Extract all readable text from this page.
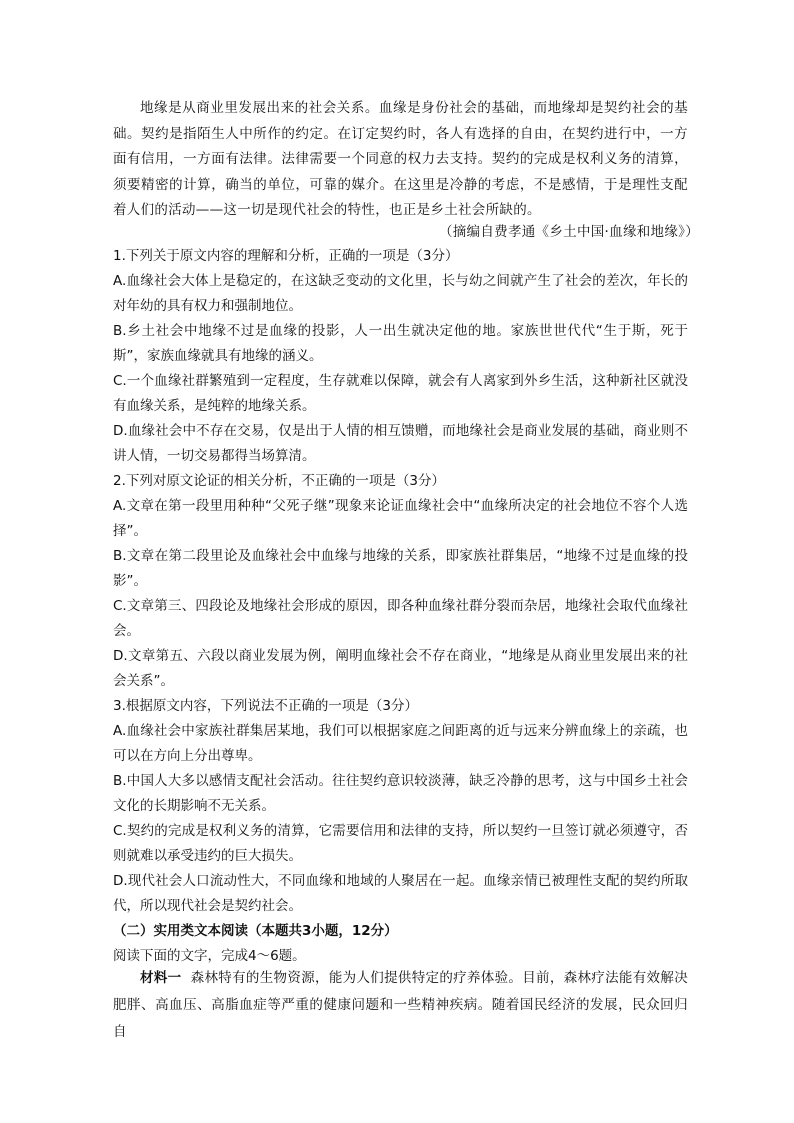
地缘是从商业里发展出来的社会关系。血缘是身份社会的基础，而地缘却是契约社会的基础。契约是指陌生人中所作的约定。在订定契约时，各人有选择的自由，在契约进行中，一方面有信用，一方面有法律。法律需要一个同意的权力去支持。契约的完成是权利义务的清算，须要精密的计算，确当的单位，可靠的媒介。在这里是冷静的考虑，不是感情，于是理性支配着人们的活动——这一切是现代社会的特性，也正是乡土社会所缺的。

（摘编自费孝通《乡土中国·血缘和地缘》）

1.下列关于原文内容的理解和分析，正确的一项是（3分）

A.血缘社会大体上是稳定的，在这缺乏变动的文化里，长与幼之间就产生了社会的差次，年长的对年幼的具有权力和强制地位。

B.乡土社会中地缘不过是血缘的投影，人一出生就决定他的地。家族世世代代“生于斯，死于斯”，家族血缘就具有地缘的涵义。

C.一个血缘社群繁殖到一定程度，生存就难以保障，就会有人离家到外乡生活，这种新社区就没有血缘关系，是纯粹的地缘关系。

D.血缘社会中不存在交易，仅是出于人情的相互馈赠，而地缘社会是商业发展的基础，商业则不讲人情，一切交易都得当场算清。

2.下列对原文论证的相关分析，不正确的一项是（3分）

A.文章在第一段里用种种“父死子继”现象来论证血缘社会中“血缘所决定的社会地位不容个人选择”。

B.文章在第二段里论及血缘社会中血缘与地缘的关系，即家族社群集居，“地缘不过是血缘的投影”。

C.文章第三、四段论及地缘社会形成的原因，即各种血缘社群分裂而杂居，地缘社会取代血缘社会。

D.文章第五、六段以商业发展为例，阐明血缘社会不存在商业，“地缘是从商业里发展出来的社会关系”。

3.根据原文内容，下列说法不正确的一项是（3分）

A.血缘社会中家族社群集居某地，我们可以根据家庭之间距离的近与远来分辨血缘上的亲疏，也可以在方向上分出尊卑。

B.中国人大多以感情支配社会活动。往往契约意识较淡薄，缺乏冷静的思考，这与中国乡土社会文化的长期影响不无关系。

C.契约的完成是权利义务的清算，它需要信用和法律的支持，所以契约一旦签订就必须遵守，否则就难以承受违约的巨大损失。

D.现代社会人口流动性大，不同血缘和地域的人聚居在一起。血缘亲情已被理性支配的契约所取代，所以现代社会是契约社会。

（二）实用类文本阅读（本题共3小题，12分）

阅读下面的文字，完成4～6题。

材料一 森林特有的生物资源，能为人们提供特定的疗养体验。目前，森林疗法能有效解决肥胖、高血压、高脂血症等严重的健康问题和一些精神疾病。随着国民经济的发展，民众回归自
